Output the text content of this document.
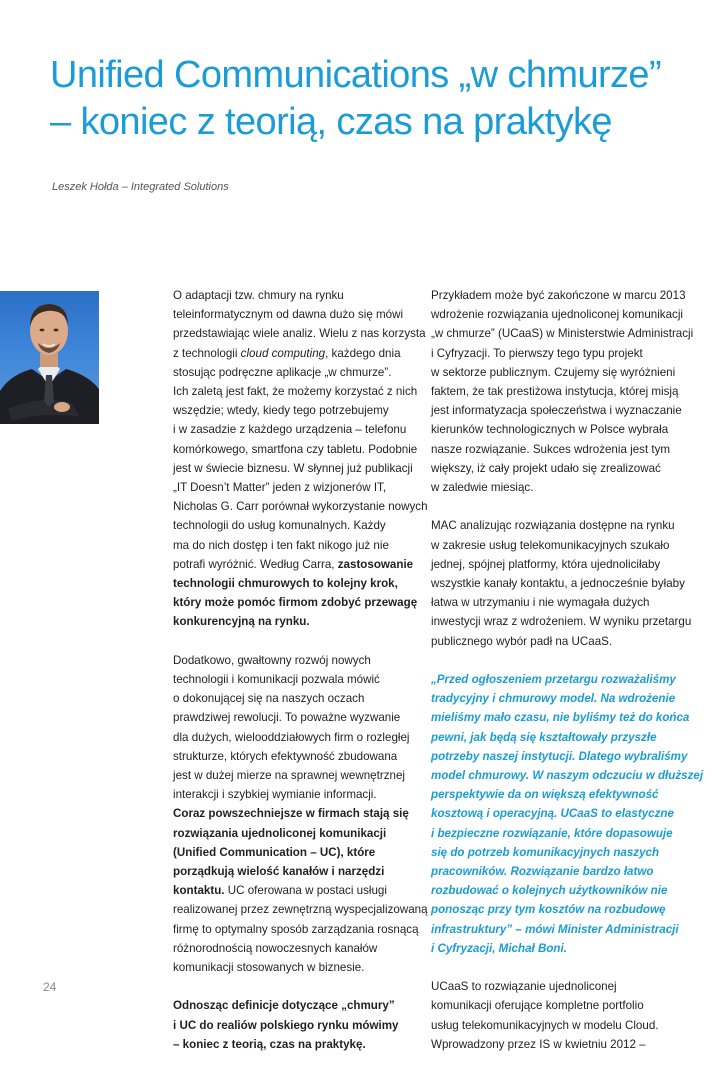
Unified Communications „w chmurze”
– koniec z teorią, czas na praktykę
Leszek Hołda – Integrated Solutions
O adaptacji tzw. chmury na rynku
teleinformatycznym od dawna dużo się mówi
przedstawiając wiele analiz. Wielu z nas korzysta
z technologii cloud computing, każdego dnia
stosując podręczne aplikacje „w chmurze”.
Ich zaletą jest fakt, że możemy korzystać z nich
wszędzie; wtedy, kiedy tego potrzebujemy
i w zasadzie z każdego urządzenia – telefonu
komórkowego, smartfona czy tabletu. Podobnie
jest w świecie biznesu. W słynnej już publikacji
„IT Doesn’t Matter” jeden z wizjonerów IT,
Nicholas G. Carr porównał wykorzystanie nowych
technologii do usług komunalnych. Każdy
ma do nich dostęp i ten fakt nikogo już nie
potrafi wyróżnić. Według Carra, zastosowanie
technologii chmurowych to kolejny krok,
który może pomóc firmom zdobyć przewagę
konkurencyjną na rynku.
Dodatkowo, gwałtowny rozwój nowych
technologii i komunikacji pozwala mówić
o dokonującej się na naszych oczach
prawdziwej rewolucji. To poważne wyzwanie
dla dużych, wielooddziałowych firm o rozległej
strukturze, których efektywność zbudowana
jest w dużej mierze na sprawnej wewnętrznej
interakcji i szybkiej wymianie informacji.
Coraz powszechniejsze w firmach stają się
rozwiązania ujednoliconej komunikacji
(Unified Communication – UC), które
porządkują wielość kanałów i narzędzi
kontaktu. UC oferowana w postaci usługi
realizowanej przez zewnętrzną wyspecjalizowaną
firmę to optymalny sposób zarządzania rosnącą
różnorodnością nowoczesnych kanałów
komunikacji stosowanych w biznesie.
Odnosząc definicje dotyczące „chmury”
i UC do realiów polskiego rynku mówimy
– koniec z teorią, czas na praktykę.
Przykładem może być zakończone w marcu 2013
wdrożenie rozwiązania ujednoliconej komunikacji
„w chmurze” (UCaaS) w Ministerstwie Administracji
i Cyfryzacji. To pierwszy tego typu projekt
w sektorze publicznym. Czujemy się wyróżnieni
faktem, że tak prestiżowa instytucja, której misją
jest informatyzacja społeczeństwa i wyznaczanie
kierunków technologicznych w Polsce wybrała
nasze rozwiązanie. Sukces wdrożenia jest tym
większy, iż cały projekt udało się zrealizować
w zaledwie miesiąc.
MAC analizując rozwiązania dostępne na rynku
w zakresie usług telekomunikacyjnych szukało
jednej, spójnej platformy, która ujednoliciłaby
wszystkie kanały kontaktu, a jednocześnie byłaby
łatwa w utrzymaniu i nie wymagała dużych
inwestycji wraz z wdrożeniem. W wyniku przetargu
publicznego wybór padł na UCaaS.
„Przed ogłoszeniem przetargu rozważaliśmy
tradycyjny i chmurowy model. Na wdrożenie
mieliśmy mało czasu, nie byliśmy też do końca
pewni, jak będą się kształtowały przyszłe
potrzeby naszej instytucji. Dlatego wybraliśmy
model chmurowy. W naszym odczuciu w dłuższej
perspektywie da on większą efektywność
kosztową i operacyjną. UCaaS to elastyczne
i bezpieczne rozwiązanie, które dopasowuje
się do potrzeb komunikacyjnych naszych
pracowników. Rozwiązanie bardzo łatwo
rozbudować o kolejnych użytkowników nie
ponosząc przy tym kosztów na rozbudowę
infrastruktury” – mówi Minister Administracji
i Cyfryzacji, Michał Boni.
UCaaS to rozwiązanie ujednoliconej
komunikacji oferujące kompletne portfolio
usług telekomunikacyjnych w modelu Cloud.
Wprowadzony przez IS w kwietniu 2012 –
24
